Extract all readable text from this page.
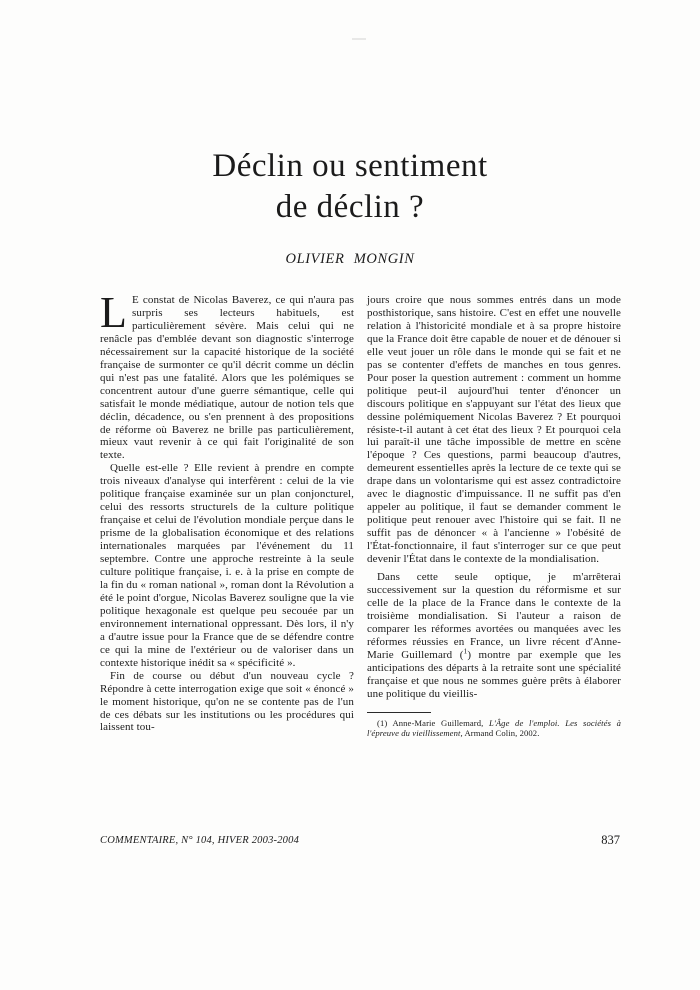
Déclin ou sentiment
de déclin ?
OLIVIER MONGIN

L E constat de Nicolas Baverez, ce qui n'aura pas surpris ses lecteurs habituels, est particulièrement sévère. Mais celui qui ne renâcle pas d'emblée devant son diagnostic s'interroge nécessairement sur la capacité historique de la société française de surmonter ce qu'il décrit comme un déclin qui n'est pas une fatalité. Alors que les polémiques se concentrent autour d'une guerre sémantique, celle qui satisfait le monde médiatique, autour de notion tels que déclin, décadence, ou s'en prennent à des propositions de réforme où Baverez ne brille pas particulièrement, mieux vaut revenir à ce qui fait l'originalité de son texte.

Quelle est-elle ? Elle revient à prendre en compte trois niveaux d'analyse qui interfèrent : celui de la vie politique française examinée sur un plan conjoncturel, celui des ressorts structurels de la culture politique française et celui de l'évolution mondiale perçue dans le prisme de la globalisation économique et des relations internationales marquées par l'événement du 11 septembre. Contre une approche restreinte à la seule culture politique française, i. e. à la prise en compte de la fin du « roman national », roman dont la Révolution a été le point d'orgue, Nicolas Baverez souligne que la vie politique hexagonale est quelque peu secouée par un environnement international oppressant. Dès lors, il n'y a d'autre issue pour la France que de se défendre contre ce qui la mine de l'extérieur ou de valoriser dans un contexte historique inédit sa « spécificité ».

Fin de course ou début d'un nouveau cycle ? Répondre à cette interrogation exige que soit « énoncé » le moment historique, qu'on ne se contente pas de l'un de ces débats sur les institutions ou les procédures qui laissent tou-

jours croire que nous sommes entrés dans un mode posthistorique, sans histoire. C'est en effet une nouvelle relation à l'historicité mondiale et à sa propre histoire que la France doit être capable de nouer et de dénouer si elle veut jouer un rôle dans le monde qui se fait et ne pas se contenter d'effets de manches en tous genres. Pour poser la question autrement : comment un homme politique peut-il aujourd'hui tenter d'énoncer un discours politique en s'appuyant sur l'état des lieux que dessine polémiquement Nicolas Baverez ? Et pourquoi résiste-t-il autant à cet état des lieux ? Et pourquoi cela lui paraît-il une tâche impossible de mettre en scène l'époque ? Ces questions, parmi beaucoup d'autres, demeurent essentielles après la lecture de ce texte qui se drape dans un volontarisme qui est assez contradictoire avec le diagnostic d'impuissance. Il ne suffit pas d'en appeler au politique, il faut se demander comment le politique peut renouer avec l'histoire qui se fait. Il ne suffit pas de dénoncer « à l'ancienne » l'obésité de l'État-fonctionnaire, il faut s'interroger sur ce que peut devenir l'État dans le contexte de la mondialisation.

Dans cette seule optique, je m'arrêterai successivement sur la question du réformisme et sur celle de la place de la France dans le contexte de la troisième mondialisation. Si l'auteur a raison de comparer les réformes avortées ou manquées avec les réformes réussies en France, un livre récent d'Anne-Marie Guillemard ($^1$) montre par exemple que les anticipations des départs à la retraite sont une spécialité française et que nous ne sommes guère prêts à élaborer une politique du vieillis-

(1) Anne-Marie Guillemard, L'Âge de l'emploi. Les sociétés à l'épreuve du vieillissement, Armand Colin, 2002.

COMMENTAIRE, N° 104, HIVER 2003-2004	837
